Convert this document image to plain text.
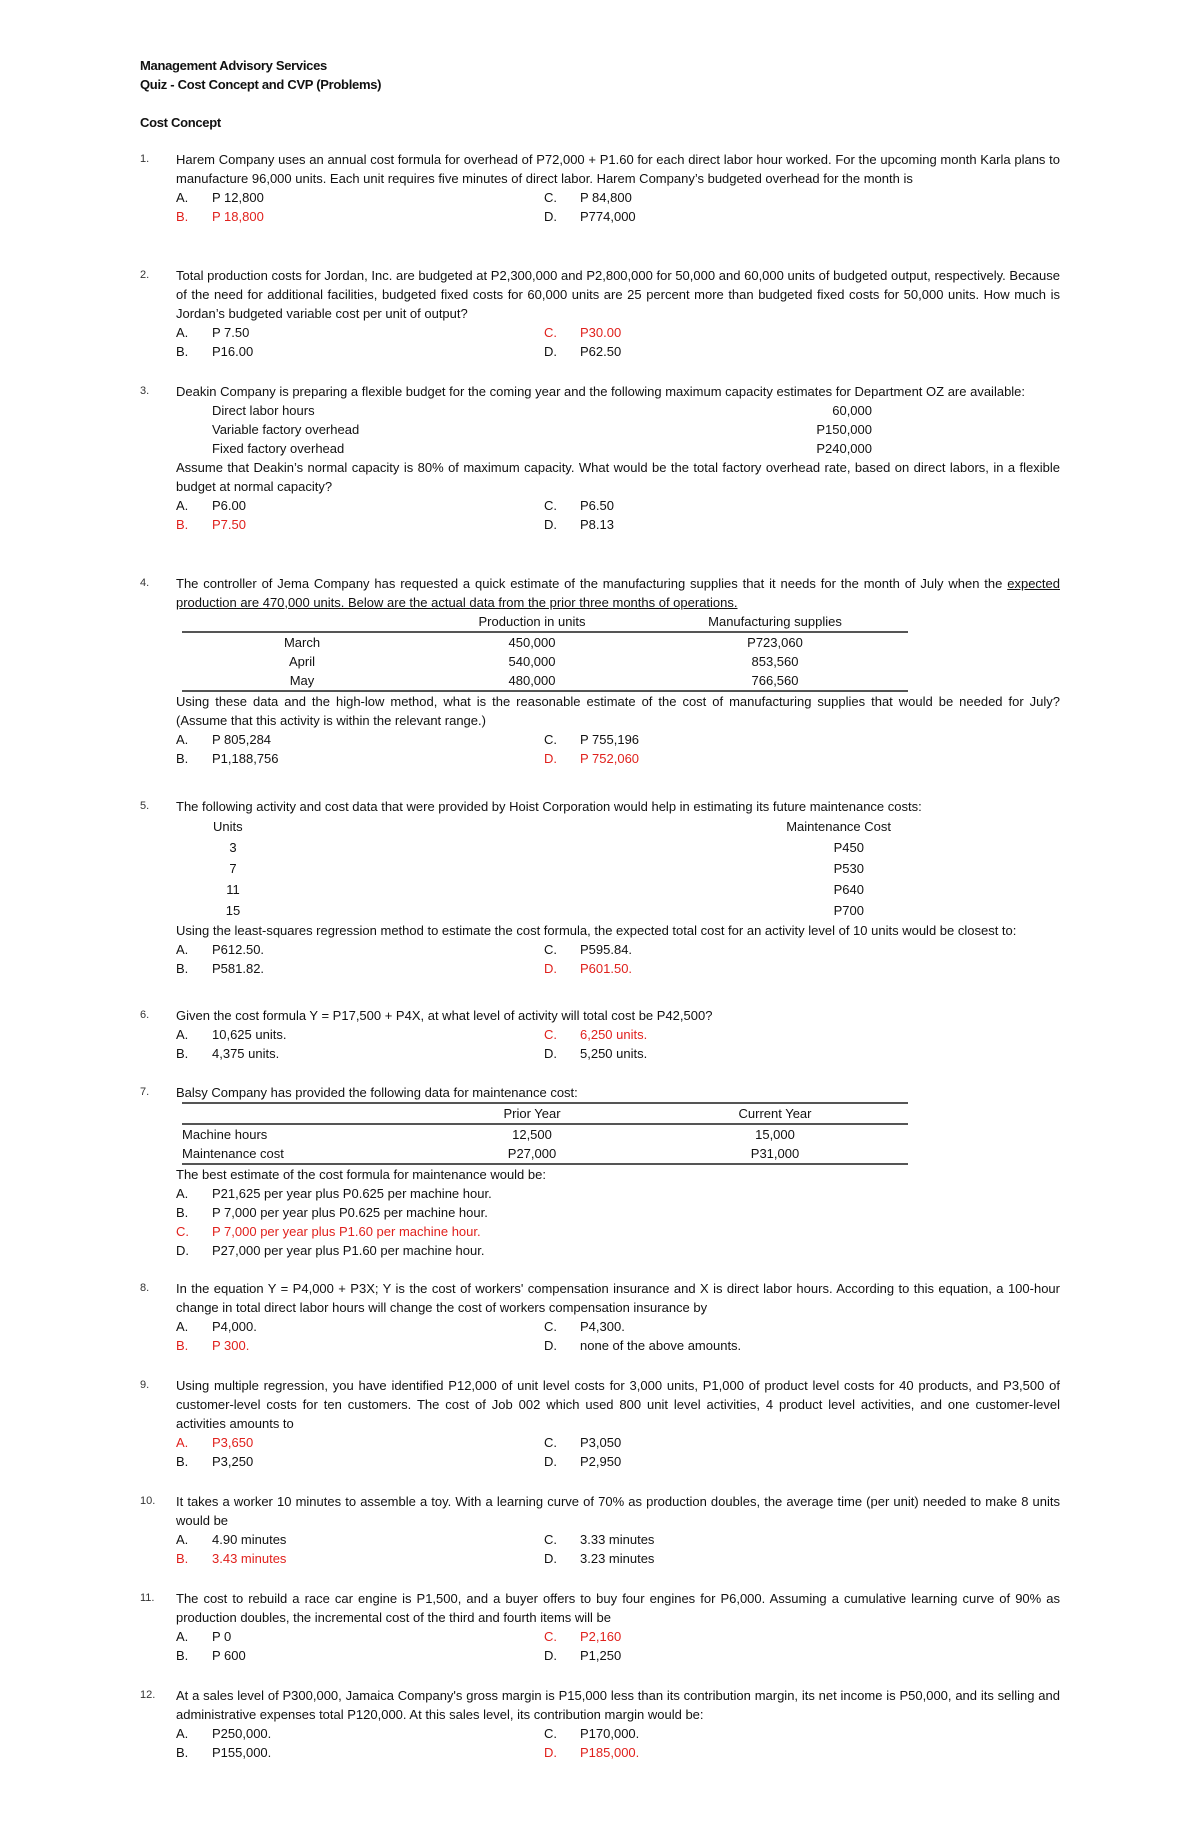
Management Advisory Services
Quiz - Cost Concept and CVP (Problems)
Cost Concept
1. Harem Company uses an annual cost formula for overhead of P72,000 + P1.60 for each direct labor hour worked. For the upcoming month Karla plans to manufacture 96,000 units. Each unit requires five minutes of direct labor. Harem Company’s budgeted overhead for the month is
A.	P 12,800	C.	P 84,800
B.	P 18,800	D.	P774,000
2. Total production costs for Jordan, Inc. are budgeted at P2,300,000 and P2,800,000 for 50,000 and 60,000 units of budgeted output, respectively. Because of the need for additional facilities, budgeted fixed costs for 60,000 units are 25 percent more than budgeted fixed costs for 50,000 units. How much is Jordan’s budgeted variable cost per unit of output?
A.	P 7.50	C.	P30.00
B.	P16.00	D.	P62.50
3. Deakin Company is preparing a flexible budget for the coming year and the following maximum capacity estimates for Department OZ are available:
Direct labor hours	60,000
Variable factory overhead	P150,000
Fixed factory overhead	P240,000
Assume that Deakin’s normal capacity is 80% of maximum capacity. What would be the total factory overhead rate, based on direct labors, in a flexible budget at normal capacity?
A.	P6.00	C.	P6.50
B.	P7.50	D.	P8.13
4. The controller of Jema Company has requested a quick estimate of the manufacturing supplies that it needs for the month of July when the expected production are 470,000 units. Below are the actual data from the prior three months of operations.
	Production in units	Manufacturing supplies
March	450,000	P723,060
April	540,000	853,560
May	480,000	766,560
Using these data and the high-low method, what is the reasonable estimate of the cost of manufacturing supplies that would be needed for July? (Assume that this activity is within the relevant range.)
A.	P 805,284	C.	P 755,196
B.	P1,188,756	D.	P 752,060
5. The following activity and cost data that were provided by Hoist Corporation would help in estimating its future maintenance costs:
Units	Maintenance Cost
3	P450
7	P530
11	P640
15	P700
Using the least-squares regression method to estimate the cost formula, the expected total cost for an activity level of 10 units would be closest to:
A.	P612.50.	C.	P595.84.
B.	P581.82.	D.	P601.50.
6. Given the cost formula Y = P17,500 + P4X, at what level of activity will total cost be P42,500?
A.	10,625 units.	C.	6,250 units.
B.	4,375 units.	D.	5,250 units.
7. Balsy Company has provided the following data for maintenance cost:
	Prior Year	Current Year
Machine hours	12,500	15,000
Maintenance cost	P27,000	P31,000
The best estimate of the cost formula for maintenance would be:
A.	P21,625 per year plus P0.625 per machine hour.
B.	P 7,000 per year plus P0.625 per machine hour.
C.	P 7,000 per year plus P1.60 per machine hour.
D.	P27,000 per year plus P1.60 per machine hour.
8. In the equation Y = P4,000 + P3X; Y is the cost of workers' compensation insurance and X is direct labor hours. According to this equation, a 100-hour change in total direct labor hours will change the cost of workers compensation insurance by
A.	P4,000.	C.	P4,300.
B.	P 300.	D.	none of the above amounts.
9. Using multiple regression, you have identified P12,000 of unit level costs for 3,000 units, P1,000 of product level costs for 40 products, and P3,500 of customer-level costs for ten customers. The cost of Job 002 which used 800 unit level activities, 4 product level activities, and one customer-level activities amounts to
A.	P3,650	C.	P3,050
B.	P3,250	D.	P2,950
10. It takes a worker 10 minutes to assemble a toy. With a learning curve of 70% as production doubles, the average time (per unit) needed to make 8 units would be
A.	4.90 minutes	C.	3.33 minutes
B.	3.43 minutes	D.	3.23 minutes
11. The cost to rebuild a race car engine is P1,500, and a buyer offers to buy four engines for P6,000. Assuming a cumulative learning curve of 90% as production doubles, the incremental cost of the third and fourth items will be
A.	P 0	C.	P2,160
B.	P 600	D.	P1,250
12. At a sales level of P300,000, Jamaica Company's gross margin is P15,000 less than its contribution margin, its net income is P50,000, and its selling and administrative expenses total P120,000. At this sales level, its contribution margin would be:
A.	P250,000.	C.	P170,000.
B.	P155,000.	D.	P185,000.
